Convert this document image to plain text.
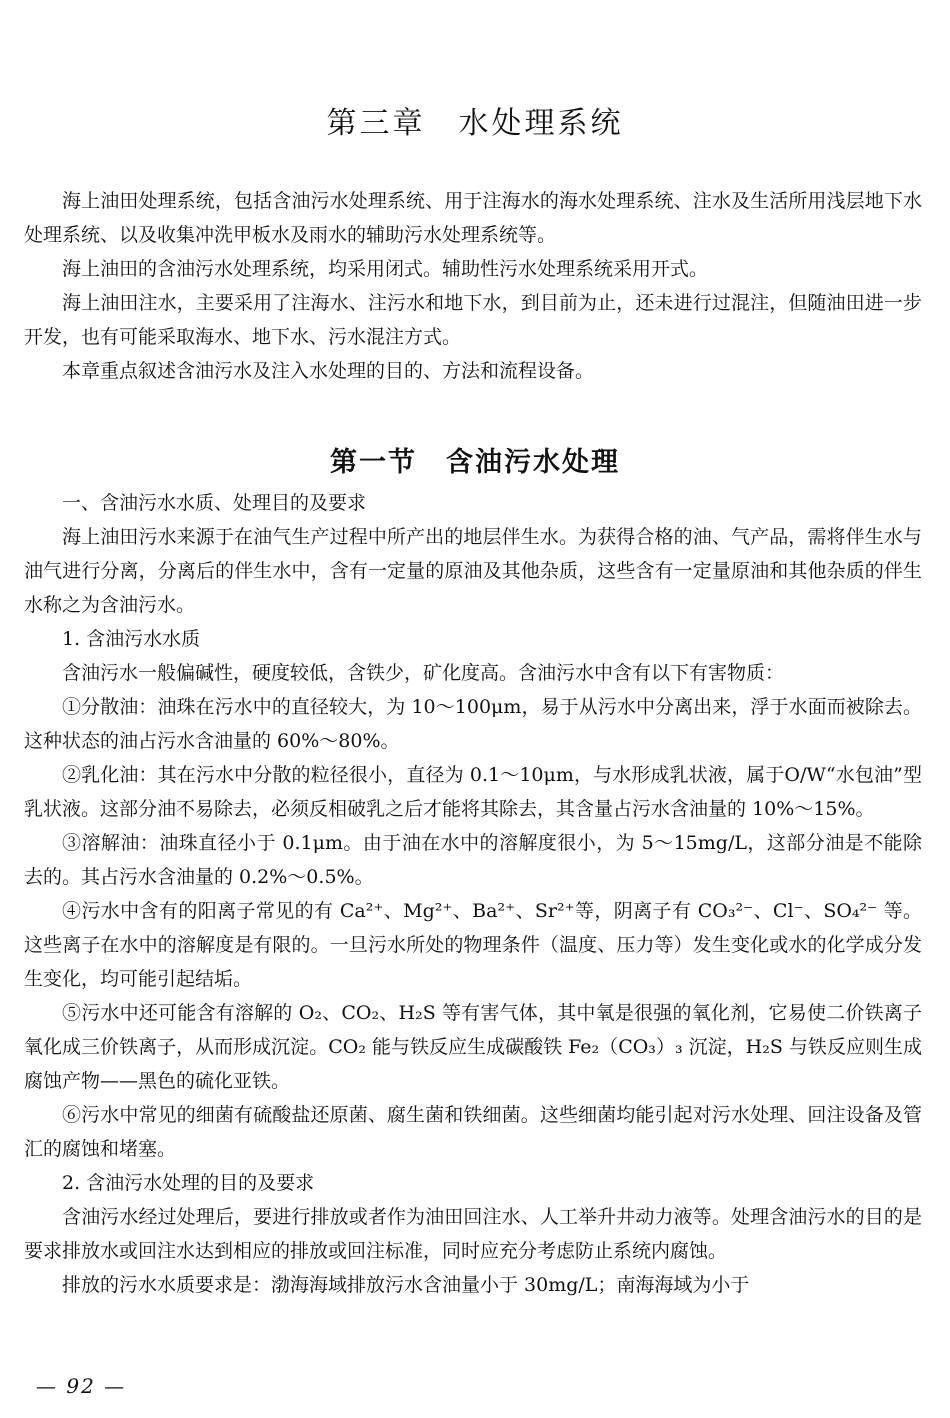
第三章　水处理系统

海上油田处理系统，包括含油污水处理系统、用于注海水的海水处理系统、注水及生活所用浅层地下水处理系统、以及收集冲洗甲板水及雨水的辅助污水处理系统等。

海上油田的含油污水处理系统，均采用闭式。辅助性污水处理系统采用开式。

海上油田注水，主要采用了注海水、注污水和地下水，到目前为止，还未进行过混注，但随油田进一步开发，也有可能采取海水、地下水、污水混注方式。

本章重点叙述含油污水及注入水处理的目的、方法和流程设备。

第一节　含油污水处理

一、含油污水水质、处理目的及要求

海上油田污水来源于在油气生产过程中所产出的地层伴生水。为获得合格的油、气产品，需将伴生水与油气进行分离，分离后的伴生水中，含有一定量的原油及其他杂质，这些含有一定量原油和其他杂质的伴生水称之为含油污水。

1. 含油污水水质

含油污水一般偏碱性，硬度较低，含铁少，矿化度高。含油污水中含有以下有害物质：

①分散油：油珠在污水中的直径较大，为 10～100μm，易于从污水中分离出来，浮于水面而被除去。这种状态的油占污水含油量的 60%～80%。

②乳化油：其在污水中分散的粒径很小，直径为 0.1～10μm，与水形成乳状液，属于O/W“水包油”型乳状液。这部分油不易除去，必须反相破乳之后才能将其除去，其含量占污水含油量的 10%～15%。

③溶解油：油珠直径小于 0.1μm。由于油在水中的溶解度很小，为 5～15mg/L，这部分油是不能除去的。其占污水含油量的 0.2%～0.5%。

④污水中含有的阳离子常见的有 Ca²⁺、Mg²⁺、Ba²⁺、Sr²⁺等，阴离子有 CO₃²⁻、Cl⁻、SO₄²⁻ 等。这些离子在水中的溶解度是有限的。一旦污水所处的物理条件（温度、压力等）发生变化或水的化学成分发生变化，均可能引起结垢。

⑤污水中还可能含有溶解的 O₂、CO₂、H₂S 等有害气体，其中氧是很强的氧化剂，它易使二价铁离子氧化成三价铁离子，从而形成沉淀。CO₂ 能与铁反应生成碳酸铁 Fe₂（CO₃）₃ 沉淀，H₂S 与铁反应则生成腐蚀产物——黑色的硫化亚铁。

⑥污水中常见的细菌有硫酸盐还原菌、腐生菌和铁细菌。这些细菌均能引起对污水处理、回注设备及管汇的腐蚀和堵塞。

2. 含油污水处理的目的及要求

含油污水经过处理后，要进行排放或者作为油田回注水、人工举升井动力液等。处理含油污水的目的是要求排放水或回注水达到相应的排放或回注标准，同时应充分考虑防止系统内腐蚀。

排放的污水水质要求是：渤海海域排放污水含油量小于 30mg/L；南海海域为小于

— 92 —
